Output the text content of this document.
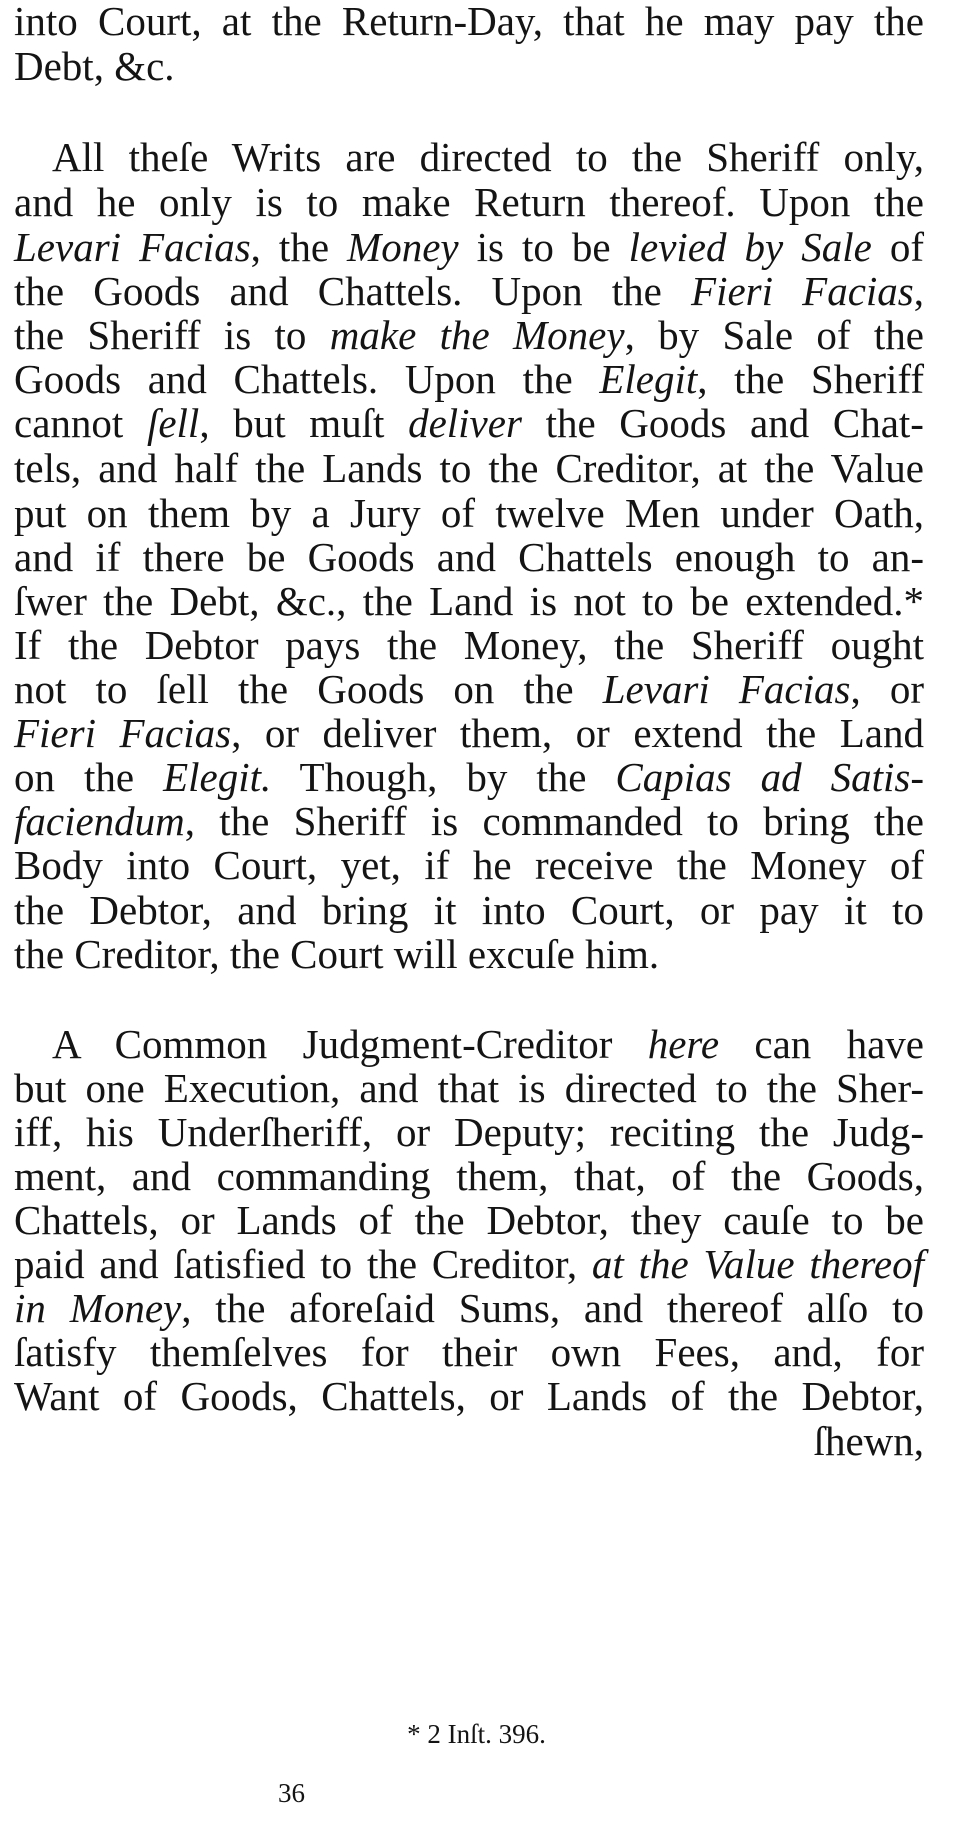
into Court, at the Return-Day, that he may pay the
Debt, &c.
All theſe Writs are directed to the Sheriff only,
and he only is to make Return thereof. Upon the
Levari Facias, the Money is to be levied by Sale of
the Goods and Chattels. Upon the Fieri Facias,
the Sheriff is to make the Money, by Sale of the
Goods and Chattels. Upon the Elegit, the Sheriff
cannot ſell, but muſt deliver the Goods and Chat-
tels, and half the Lands to the Creditor, at the Value
put on them by a Jury of twelve Men under Oath,
and if there be Goods and Chattels enough to an-
ſwer the Debt, &c., the Land is not to be extended.*
If the Debtor pays the Money, the Sheriff ought
not to ſell the Goods on the Levari Facias, or
Fieri Facias, or deliver them, or extend the Land
on the Elegit. Though, by the Capias ad Satis-
faciendum, the Sheriff is commanded to bring the
Body into Court, yet, if he receive the Money of
the Debtor, and bring it into Court, or pay it to
the Creditor, the Court will excuſe him.
A Common Judgment-Creditor here can have
but one Execution, and that is directed to the Sher-
iff, his Underſheriff, or Deputy; reciting the Judg-
ment, and commanding them, that, of the Goods,
Chattels, or Lands of the Debtor, they cauſe to be
paid and ſatisfied to the Creditor, at the Value thereof
in Money, the aforeſaid Sums, and thereof alſo to
ſatisfy themſelves for their own Fees, and, for
Want of Goods, Chattels, or Lands of the Debtor,
ſhewn,
* 2 Inſt. 396.
36
